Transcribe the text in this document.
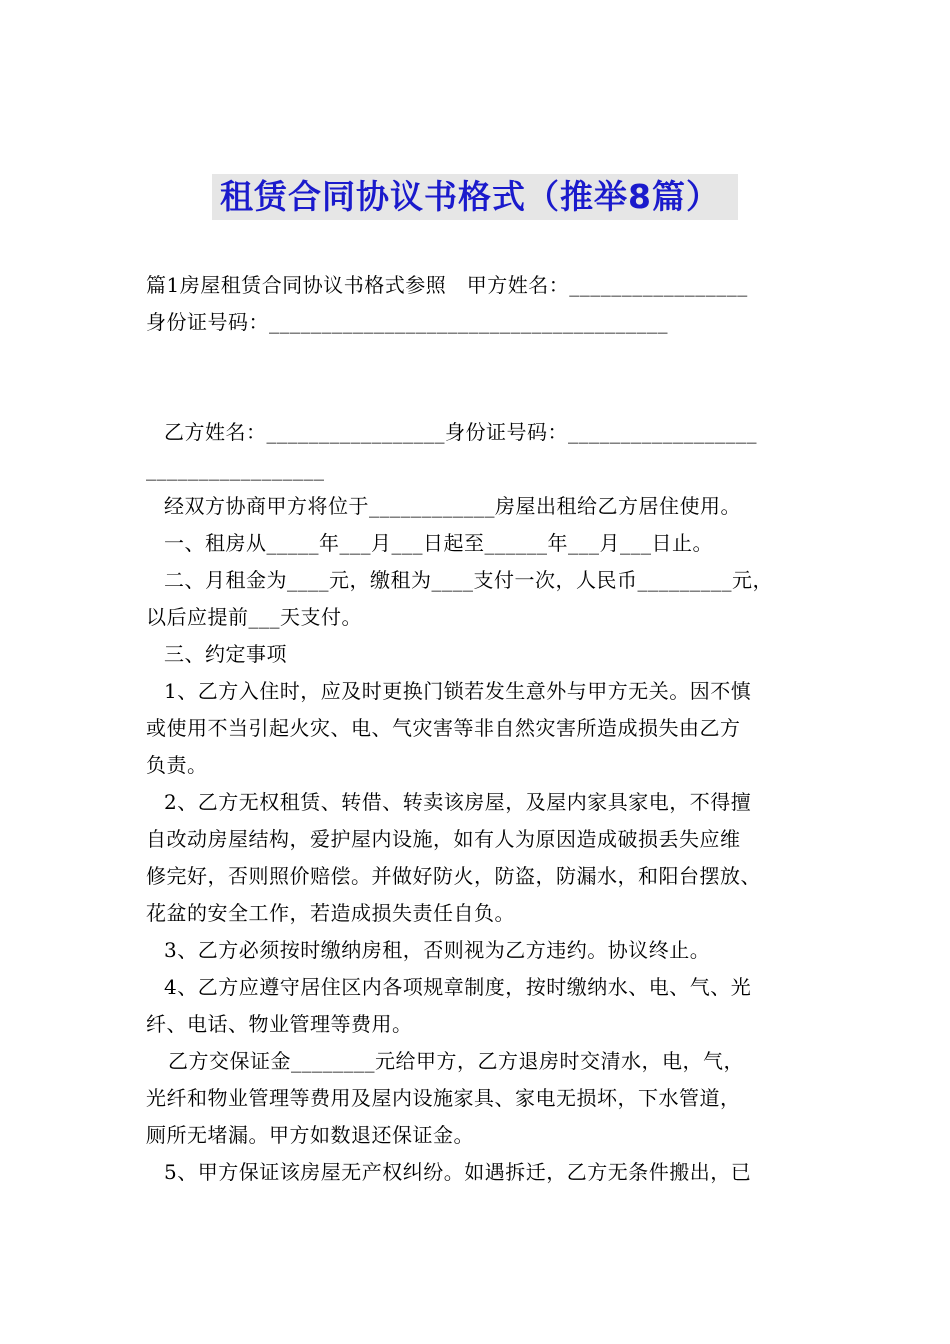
租赁合同协议书格式（推举8篇）
篇1房屋租赁合同协议书格式参照　甲方姓名：_________________
身份证号码：______________________________________
乙方姓名：_________________身份证号码：__________________
_________________
经双方协商甲方将位于____________房屋出租给乙方居住使用。
一、租房从_____年___月___日起至______年___月___日止。
二、月租金为____元，缴租为____支付一次，人民币_________元，
以后应提前___天支付。
三、约定事项
1、乙方入住时，应及时更换门锁若发生意外与甲方无关。因不慎
或使用不当引起火灾、电、气灾害等非自然灾害所造成损失由乙方
负责。
2、乙方无权租赁、转借、转卖该房屋，及屋内家具家电，不得擅
自改动房屋结构，爱护屋内设施，如有人为原因造成破损丢失应维
修完好，否则照价赔偿。并做好防火，防盗，防漏水，和阳台摆放、
花盆的安全工作，若造成损失责任自负。
3、乙方必须按时缴纳房租，否则视为乙方违约。协议终止。
4、乙方应遵守居住区内各项规章制度，按时缴纳水、电、气、光
纤、电话、物业管理等费用。
乙方交保证金________元给甲方，乙方退房时交清水，电，气，
光纤和物业管理等费用及屋内设施家具、家电无损坏，下水管道，
厕所无堵漏。甲方如数退还保证金。
5、甲方保证该房屋无产权纠纷。如遇拆迁，乙方无条件搬出，已
